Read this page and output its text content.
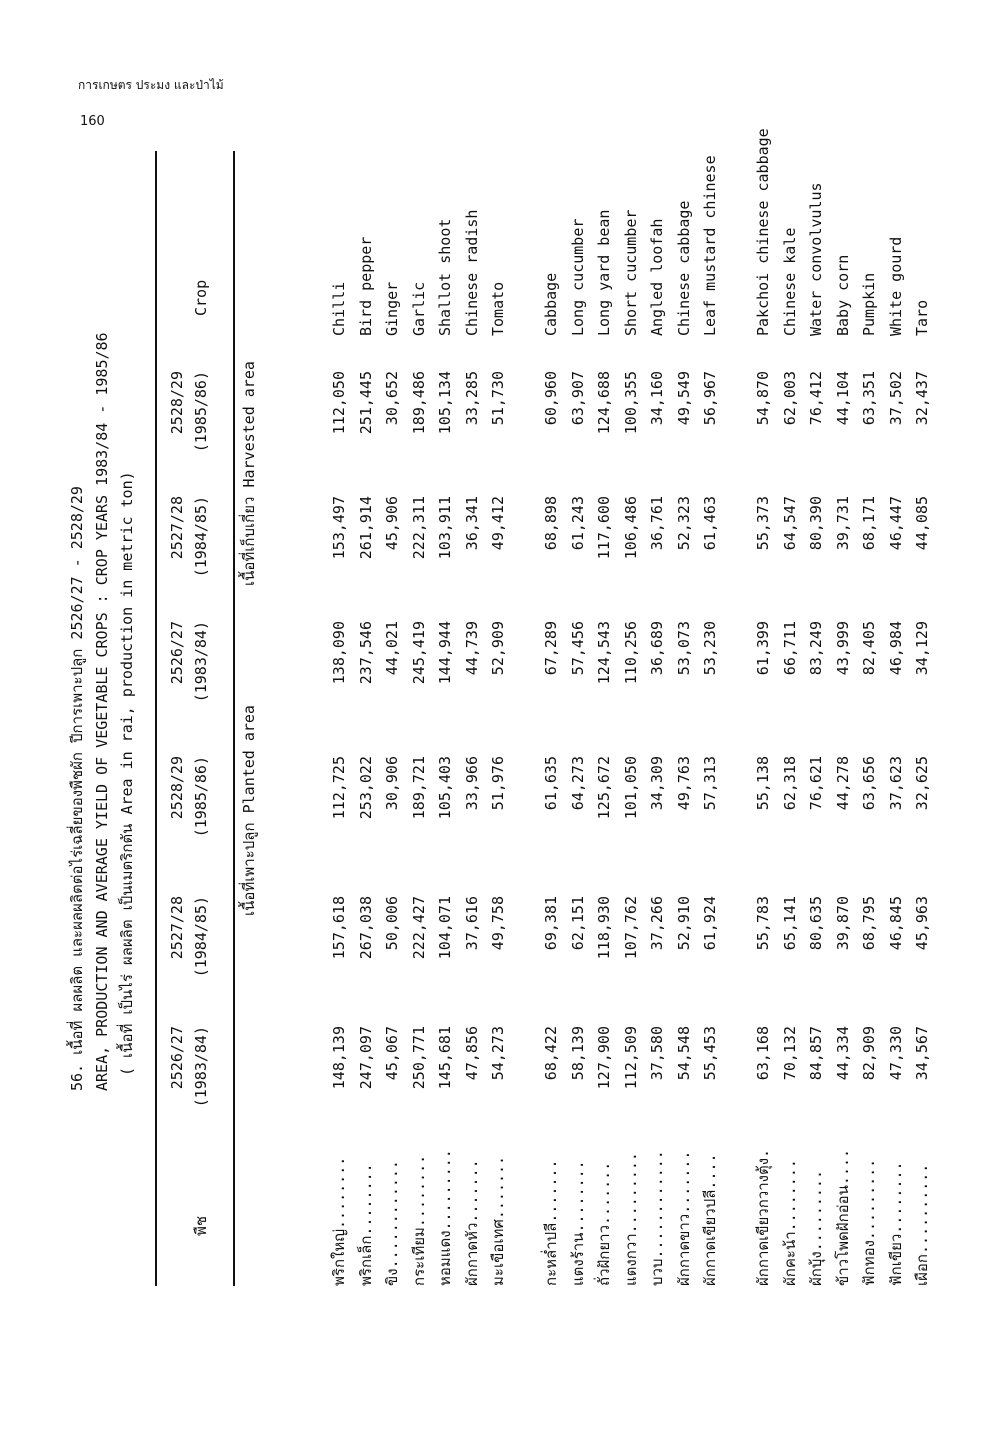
การเกษตร ประมง และป่าไม้
160
56. เนื้อที่ ผลผลิต และผลผลิตต่อไร่เฉลี่ยของพืชผัก ปีการเพาะปลูก 2526/27 - 2528/29 AREA, PRODUCTION AND AVERAGE YIELD OF VEGETABLE CROPS : CROP YEARS 1983/84 - 1985/86 ( เนื้อที่ เป็นไร่ ผลผลิต เป็นเมตริกตัน Area in rai, production in metric ton)
พืช
Crop
2526/27 (1983/84)
2527/28 (1984/85)
2528/29 (1985/86)
2526/27 (1983/84)
2527/28 (1984/85)
2528/29 (1985/86)
เนื้อที่เพาะปลูก Planted area
เนื้อที่เก็บเกี่ยว Harvested area
พริกใหญ่........
148,139
157,618
112,725
138,090
153,497
112,050
Chilli
พริกเล็ก........
247,097
267,038
253,022
237,546
261,914
251,445
Bird pepper
ขิง............
45,067
50,006
30,906
44,021
45,906
30,652
Ginger
กระเทียม........
250,771
222,427
189,721
245,419
222,311
189,486
Garlic
หอมแดง.........
145,681
104,071
105,403
144,944
103,911
105,134
Shallot shoot
ผักกาดหัว.......
47,856
37,616
33,966
44,739
36,341
33,285
Chinese radish
มะเขือเทศ.......
54,273
49,758
51,976
52,909
49,412
51,730
Tomato
กะหล่ำปลี.......
68,422
69,381
61,635
67,289
68,898
60,960
Cabbage
แตงร้าน........
58,139
62,151
64,273
57,456
61,243
63,907
Long cucumber
ถั่วฝักยาว.......
127,900
118,930
125,672
124,543
117,600
124,688
Long yard bean
แตงกวา.........
112,509
107,762
101,050
110,256
106,486
100,355
Short cucumber
บวบ............
37,580
37,266
34,309
36,689
36,761
34,160
Angled loofah
ผักกาดขาว.......
54,548
52,910
49,763
53,073
52,323
49,549
Chinese cabbage
ผักกาดเขียวปลี....
55,453
61,924
57,313
53,230
61,463
56,967
Leaf mustard chinese
ผักกาดเขียวกวางตุ้ง.
63,168
55,783
55,138
61,399
55,373
54,870
Pakchoi chinese cabbage
ผักคะน้า........
70,132
65,141
62,318
66,711
64,547
62,003
Chinese kale
ผักบุ้ง.........
84,857
80,635
76,621
83,249
80,390
76,412
Water convolvulus
ข้าวโพดฝักอ่อน....
44,334
39,870
44,278
43,999
39,731
44,104
Baby corn
ฟักทอง.........
82,909
68,795
63,656
82,405
68,171
63,351
Pumpkin
ฟักเขียว........
47,330
46,845
37,623
46,984
46,447
37,502
White gourd
เผือก..........
34,567
45,963
32,625
34,129
44,085
32,437
Taro
